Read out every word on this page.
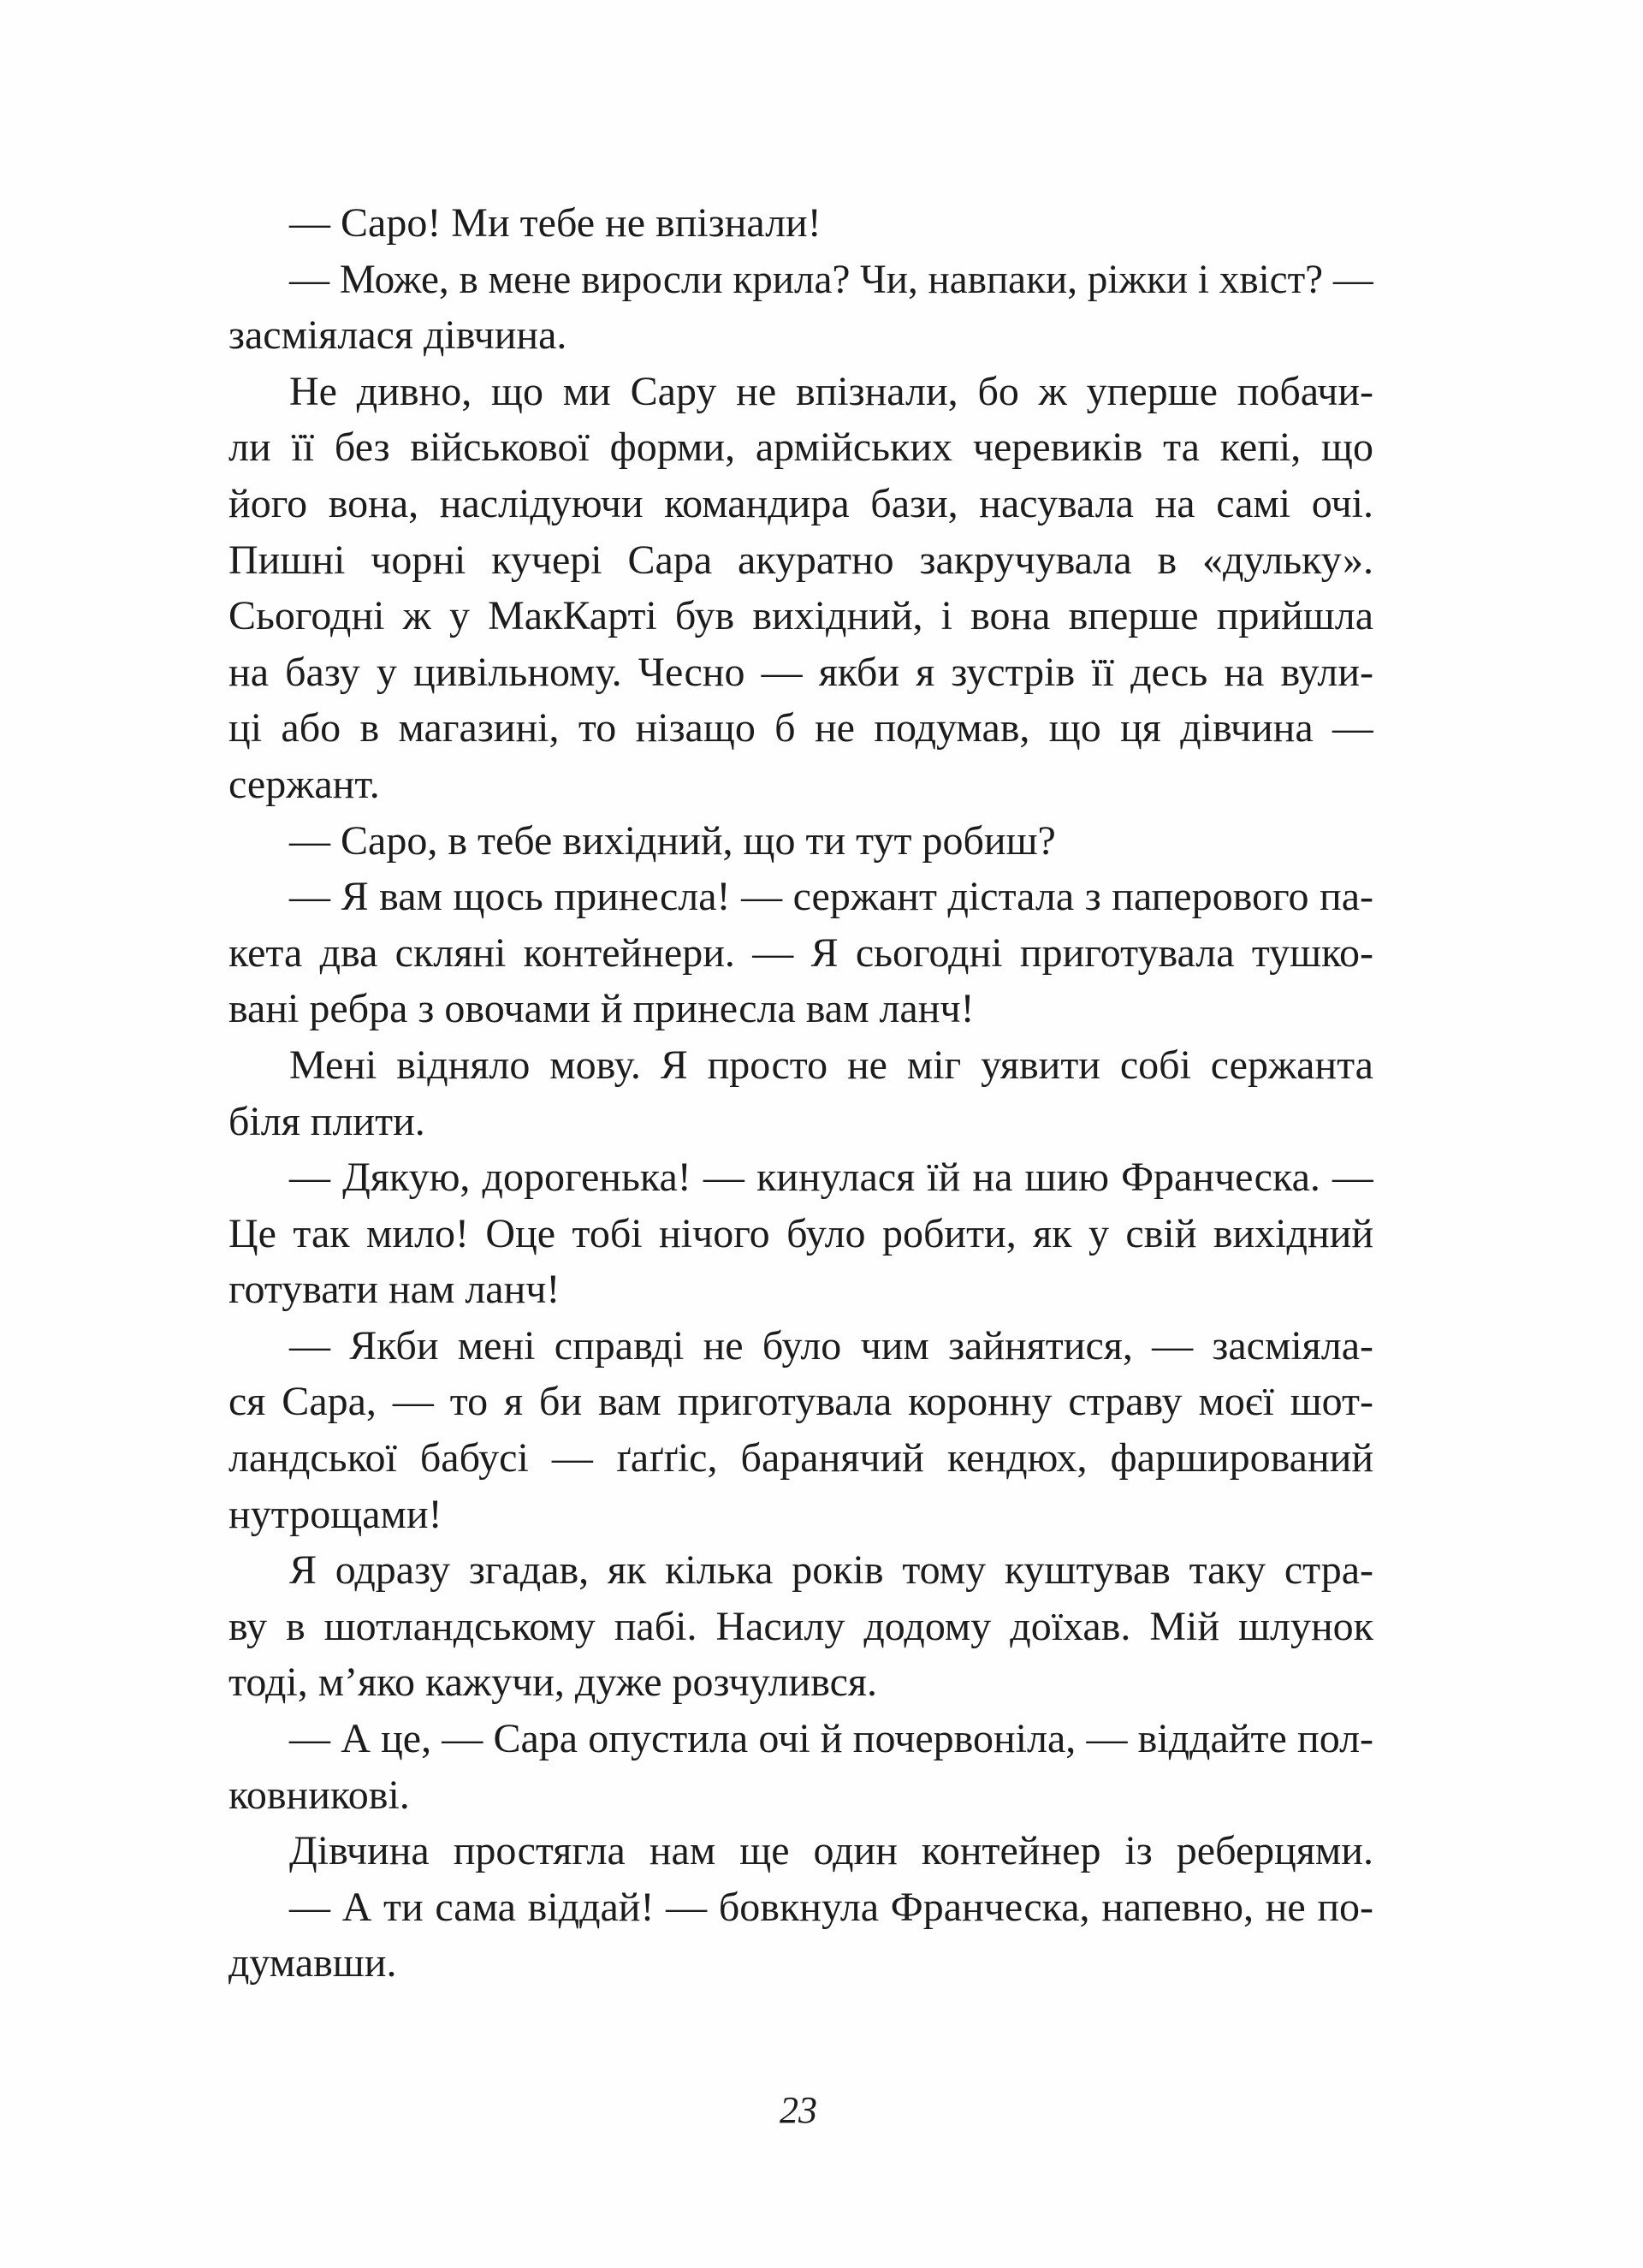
— Саро! Ми тебе не впізнали!
— Може, в мене виросли крила? Чи, навпаки, ріжки і хвіст? —
засміялася дівчина.
Не дивно, що ми Сару не впізнали, бо ж уперше побачи-
ли її без військової форми, армійських черевиків та кепі, що
його вона, наслідуючи командира бази, насувала на самі очі.
Пишні чорні кучері Сара акуратно закручувала в «дульку».
Сьогодні ж у МакКарті був вихідний, і вона вперше прийшла
на базу у цивільному. Чесно — якби я зустрів її десь на вули-
ці або в магазині, то нізащо б не подумав, що ця дівчина —
сержант.
— Саро, в тебе вихідний, що ти тут робиш?
— Я вам щось принесла! — сержант дістала з паперового па-
кета два скляні контейнери. — Я сьогодні приготувала тушко-
вані ребра з овочами й принесла вам ланч!
Мені відняло мову. Я просто не міг уявити собі сержанта
біля плити.
— Дякую, дорогенька! — кинулася їй на шию Франческа. —
Це так мило! Оце тобі нічого було робити, як у свій вихідний
готувати нам ланч!
— Якби мені справді не було чим зайнятися, — засміяла-
ся Сара, — то я би вам приготувала коронну страву моєї шот-
ландської бабусі — ґаґґіс, баранячий кендюх, фарширований
нутрощами!
Я одразу згадав, як кілька років тому куштував таку стра-
ву в шотландському пабі. Насилу додому доїхав. Мій шлунок
тоді, м’яко кажучи, дуже розчулився.
— А це, — Сара опустила очі й почервоніла, — віддайте пол-
ковникові.
Дівчина простягла нам ще один контейнер із реберцями.
— А ти сама віддай! — бовкнула Франческа, напевно, не по-
думавши.
23
